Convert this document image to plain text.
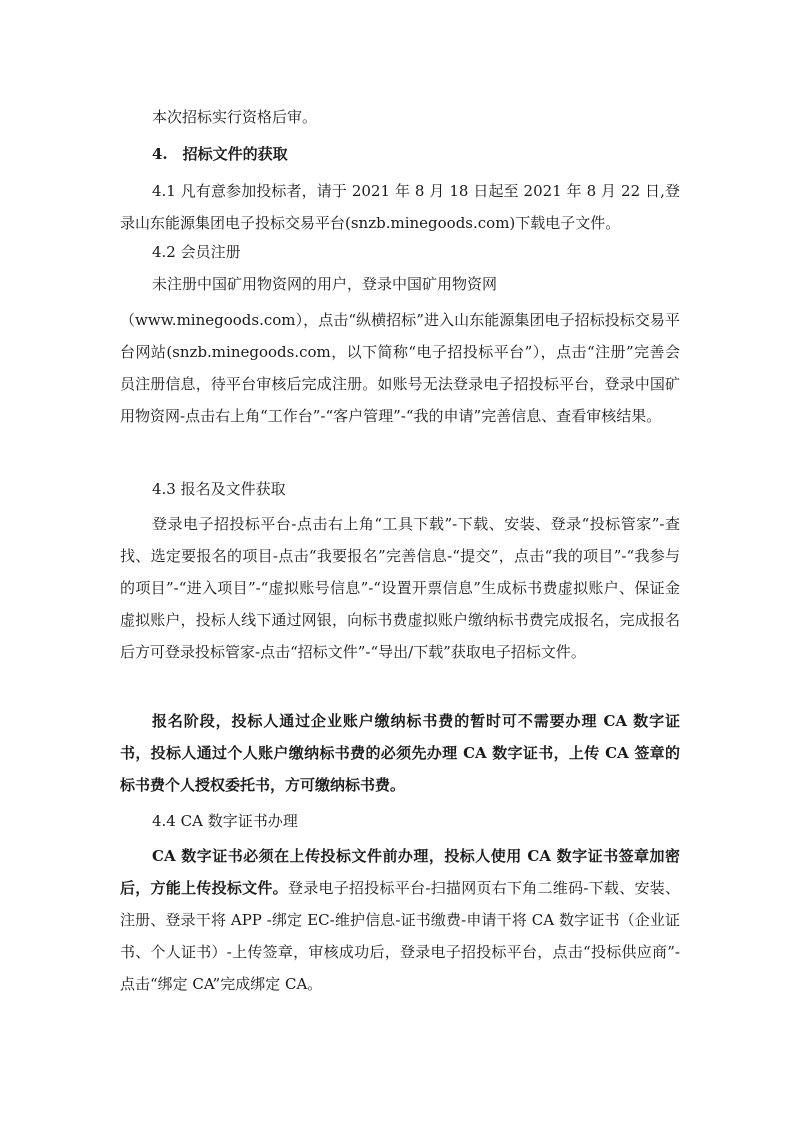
本次招标实行资格后审。

4.　招标文件的获取

4.1 凡有意参加投标者，请于 2021 年 8 月 18 日起至 2021 年 8 月 22 日,登录山东能源集团电子投标交易平台(snzb.minegoods.com)下载电子文件。

4.2 会员注册

未注册中国矿用物资网的用户，登录中国矿用物资网

（www.minegoods.com），点击“纵横招标”进入山东能源集团电子招标投标交易平台网站(snzb.minegoods.com，以下简称“电子招投标平台”），点击“注册”完善会员注册信息，待平台审核后完成注册。如账号无法登录电子招投标平台，登录中国矿用物资网-点击右上角“工作台”-“客户管理”-“我的申请”完善信息、查看审核结果。

4.3 报名及文件获取

登录电子招投标平台-点击右上角“工具下载”-下载、安装、登录“投标管家”-查找、选定要报名的项目-点击“我要报名”完善信息-“提交”，点击“我的项目”-“我参与的项目”-“进入项目”-“虚拟账号信息”-“设置开票信息”生成标书费虚拟账户、保证金虚拟账户，投标人线下通过网银，向标书费虚拟账户缴纳标书费完成报名，完成报名后方可登录投标管家-点击“招标文件”-“导出/下载”获取电子招标文件。

报名阶段，投标人通过企业账户缴纳标书费的暂时可不需要办理 CA 数字证书，投标人通过个人账户缴纳标书费的必须先办理 CA 数字证书，上传 CA 签章的标书费个人授权委托书，方可缴纳标书费。

4.4 CA 数字证书办理

CA 数字证书必须在上传投标文件前办理，投标人使用 CA 数字证书签章加密后，方能上传投标文件。登录电子招投标平台-扫描网页右下角二维码-下载、安装、注册、登录干将 APP -绑定 EC-维护信息-证书缴费-申请干将 CA 数字证书（企业证书、个人证书）-上传签章，审核成功后，登录电子招投标平台，点击“投标供应商”-点击“绑定 CA”完成绑定 CA。
